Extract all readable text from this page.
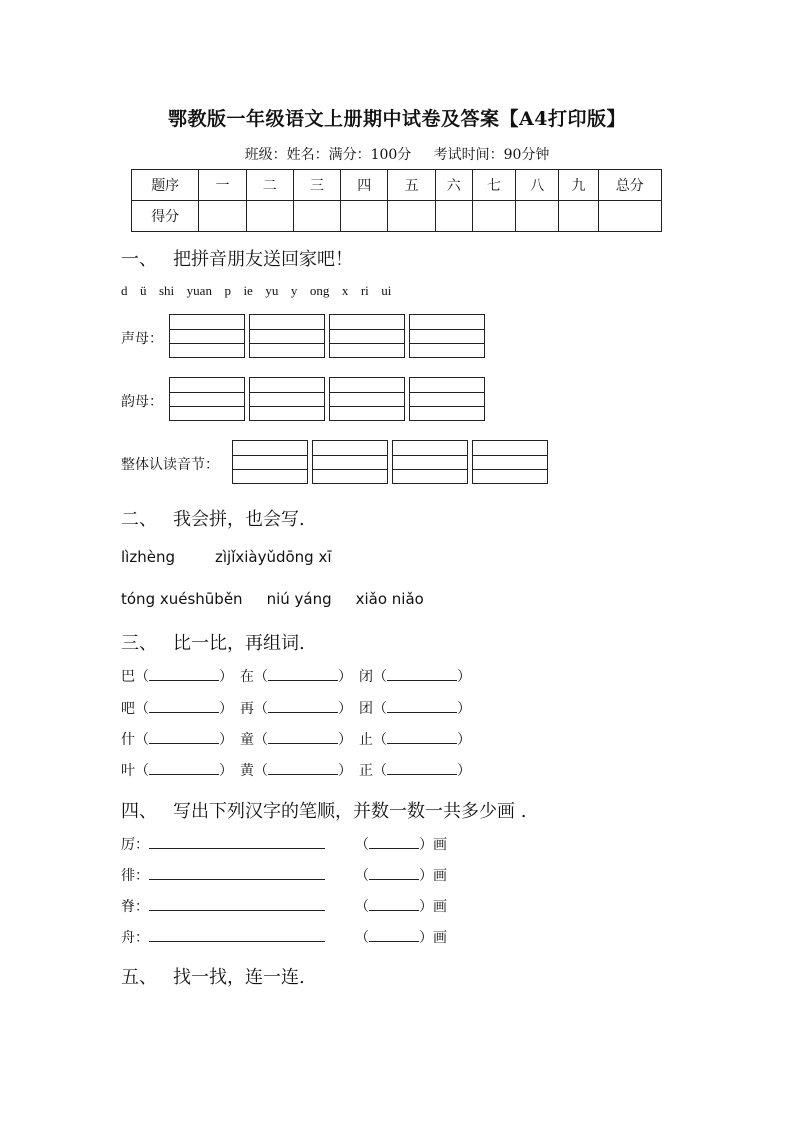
鄂教版一年级语文上册期中试卷及答案【A4打印版】
班级：姓名：满分：100分 考试时间：90分钟
题序	一	二	三	四	五	六	七	八	九	总分
得分										
一、 把拼音朋友送回家吧！
d  ü  shi  yuan  p  ie  yu  y  ong  x  ri  ui
声母：
韵母：
整体认读音节：
二、 我会拼，也会写.
lìzhèng	zìjǐxiàyǔdōng xī
tóng xuéshūběn niú yáng xiǎo niǎo
三、 比一比，再组词.
巴（	） 在（	） 闭（	）
吧（	） 再（	） 团（	）
什（	） 童（	） 止（	）
叶（	） 黄（	） 正（	）
四、 写出下列汉字的笔顺，并数一数一共多少画 .
厉：	（	）画
徘：	（	）画
脊：	（	）画
舟：	（	）画
五、 找一找，连一连.
